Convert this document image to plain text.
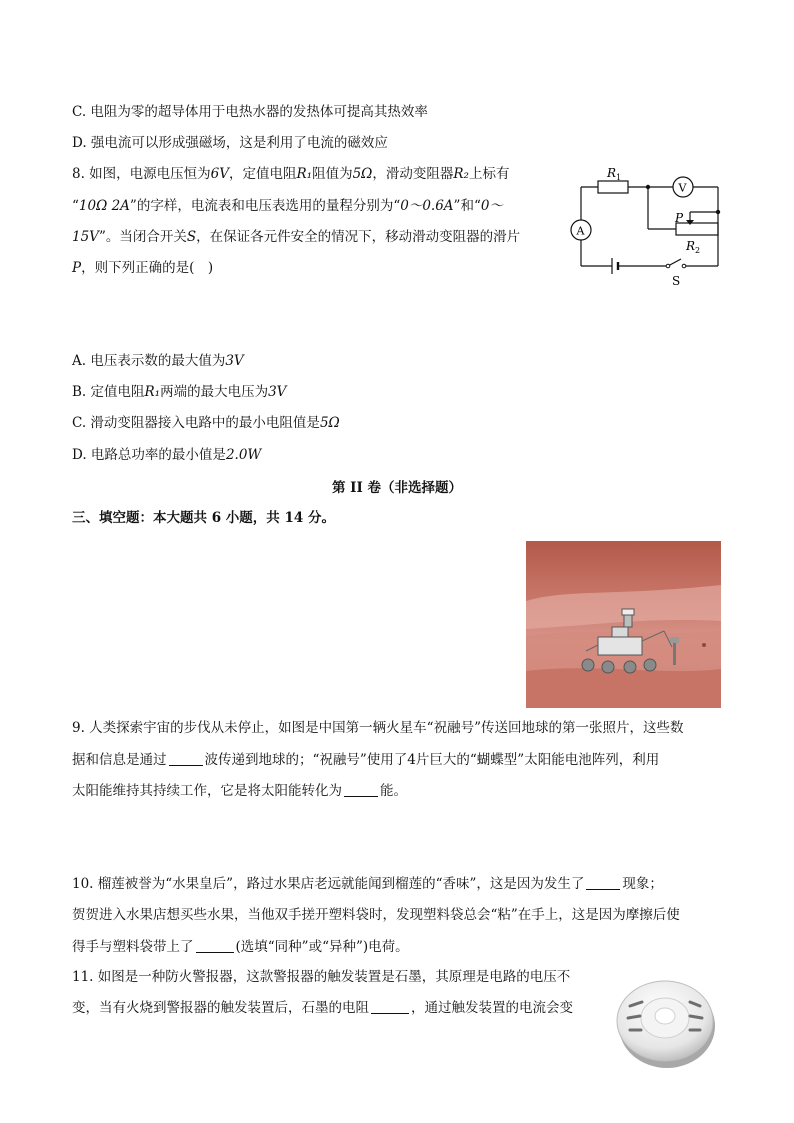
C. 电阻为零的超导体用于电热水器的发热体可提高其热效率
D. 强电流可以形成强磁场，这是利用了电流的磁效应
8. 如图，电源电压恒为6V，定值电阻R₁阻值为5Ω，滑动变阻器R₂上标有
“10Ω 2A”的字样，电流表和电压表选用的量程分别为“0～0.6A”和“0～
15V”。当闭合开关S，在保证各元件安全的情况下，移动滑动变阻器的滑片
P，则下列正确的是(　)
$R_1$
V
A
P
$R_2$
S
A. 电压表示数的最大值为3V
B. 定值电阻R₁两端的最大电压为3V
C. 滑动变阻器接入电路中的最小电阻值是5Ω
D. 电路总功率的最小值是2.0W
第 II 卷（非选择题）
三、填空题：本大题共 6 小题，共 14 分。
9. 人类探索宇宙的步伐从未停止，如图是中国第一辆火星车“祝融号”传送回地球的第一张照片，这些数
据和信息是通过	波传递到地球的；“祝融号”使用了4片巨大的“蝴蝶型”太阳能电池阵列，利用
太阳能维持其持续工作，它是将太阳能转化为	能。
10. 榴莲被誉为“水果皇后”，路过水果店老远就能闻到榴莲的“香味”，这是因为发生了	现象；
贺贺进入水果店想买些水果，当他双手搓开塑料袋时，发现塑料袋总会“粘”在手上，这是因为摩擦后使
得手与塑料袋带上了	(选填“同种”或“异种”)电荷。
11. 如图是一种防火警报器，这款警报器的触发装置是石墨，其原理是电路的电压不
变，当有火烧到警报器的触发装置后，石墨的电阻	，通过触发装置的电流会变
